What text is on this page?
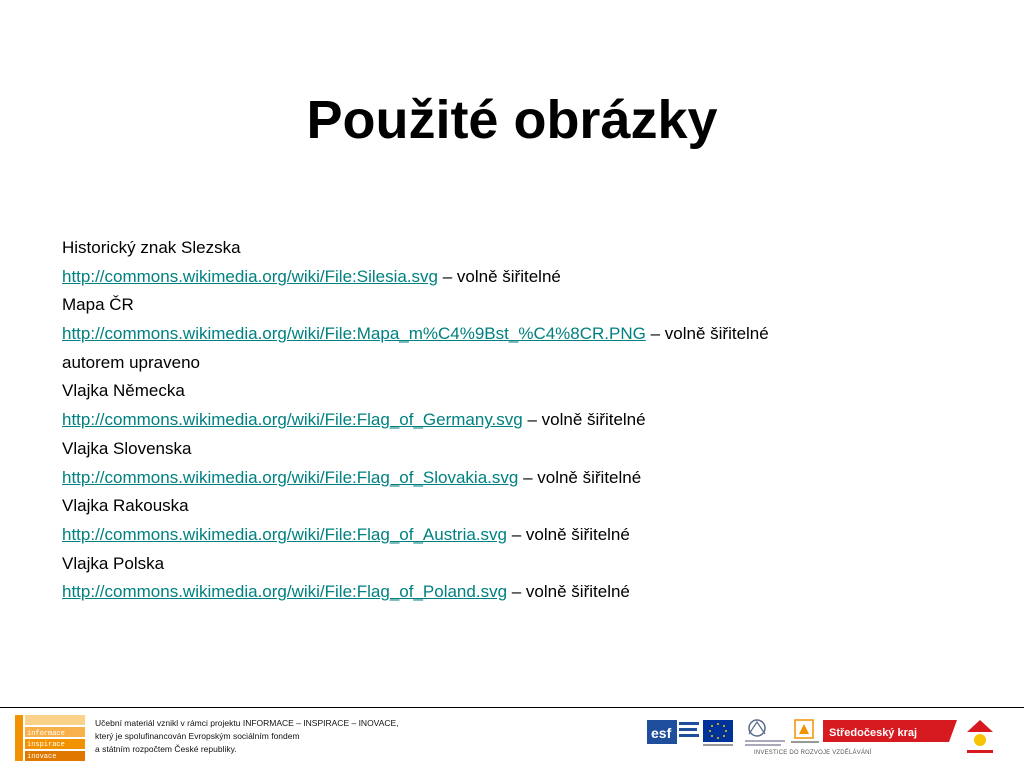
Použité obrázky
Historický znak Slezska
http://commons.wikimedia.org/wiki/File:Silesia.svg – volně šiřitelné
Mapa ČR
http://commons.wikimedia.org/wiki/File:Mapa_m%C4%9Bst_%C4%8CR.PNG – volně šiřitelné
autorem upraveno
Vlajka Německa
http://commons.wikimedia.org/wiki/File:Flag_of_Germany.svg – volně šiřitelné
Vlajka Slovenska
http://commons.wikimedia.org/wiki/File:Flag_of_Slovakia.svg – volně šiřitelné
Vlajka Rakouska
http://commons.wikimedia.org/wiki/File:Flag_of_Austria.svg – volně šiřitelné
Vlajka Polska
http://commons.wikimedia.org/wiki/File:Flag_of_Poland.svg – volně šiřitelné
informace
inspirace
inovace
Učební materiál vznikl v rámci projektu INFORMACE – INSPIRACE – INOVACE,
který je spolufinancován Evropským sociálním fondem
a státním rozpočtem České republiky.
esf	Středočeský kraj
INVESTICE DO ROZVOJE VZDĚLÁVÁNÍ
